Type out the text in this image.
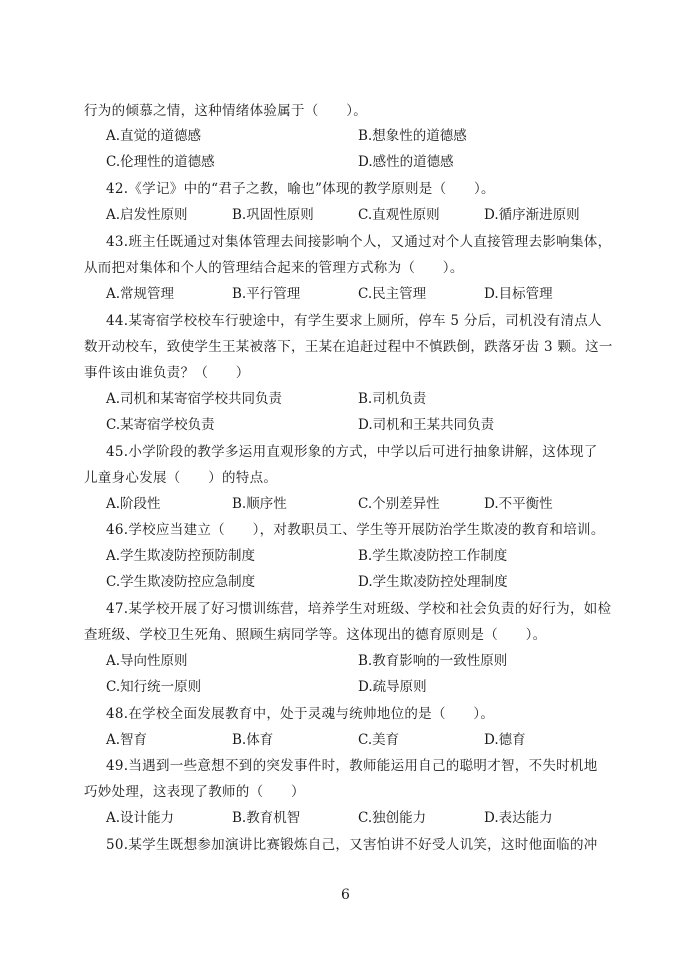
行为的倾慕之情，这种情绪体验属于（　　）。
A.直觉的道德感	B.想象性的道德感
C.伦理性的道德感	D.感性的道德感
42.《学记》中的“君子之教，喻也”体现的教学原则是（　　）。
A.启发性原则	B.巩固性原则	C.直观性原则	D.循序渐进原则
43.班主任既通过对集体管理去间接影响个人，又通过对个人直接管理去影响集体，
从而把对集体和个人的管理结合起来的管理方式称为（　　）。
A.常规管理	B.平行管理	C.民主管理	D.目标管理
44.某寄宿学校校车行驶途中，有学生要求上厕所，停车 5 分后，司机没有清点人
数开动校车，致使学生王某被落下，王某在追赶过程中不慎跌倒，跌落牙齿 3 颗。这一
事件该由谁负责？（　　）
A.司机和某寄宿学校共同负责	B.司机负责
C.某寄宿学校负责	D.司机和王某共同负责
45.小学阶段的教学多运用直观形象的方式，中学以后可进行抽象讲解，这体现了
儿童身心发展（　　）的特点。
A.阶段性	B.顺序性	C.个别差异性	D.不平衡性
46.学校应当建立（　　），对教职员工、学生等开展防治学生欺凌的教育和培训。
A.学生欺凌防控预防制度	B.学生欺凌防控工作制度
C.学生欺凌防控应急制度	D.学生欺凌防控处理制度
47.某学校开展了好习惯训练营，培养学生对班级、学校和社会负责的好行为，如检
查班级、学校卫生死角、照顾生病同学等。这体现出的德育原则是（　　）。
A.导向性原则	B.教育影响的一致性原则
C.知行统一原则	D.疏导原则
48.在学校全面发展教育中，处于灵魂与统帅地位的是（　　）。
A.智育	B.体育	C.美育	D.德育
49.当遇到一些意想不到的突发事件时，教师能运用自己的聪明才智，不失时机地
巧妙处理，这表现了教师的（　　）
A.设计能力	B.教育机智	C.独创能力	D.表达能力
50.某学生既想参加演讲比赛锻炼自己，又害怕讲不好受人讥笑，这时他面临的冲
6
